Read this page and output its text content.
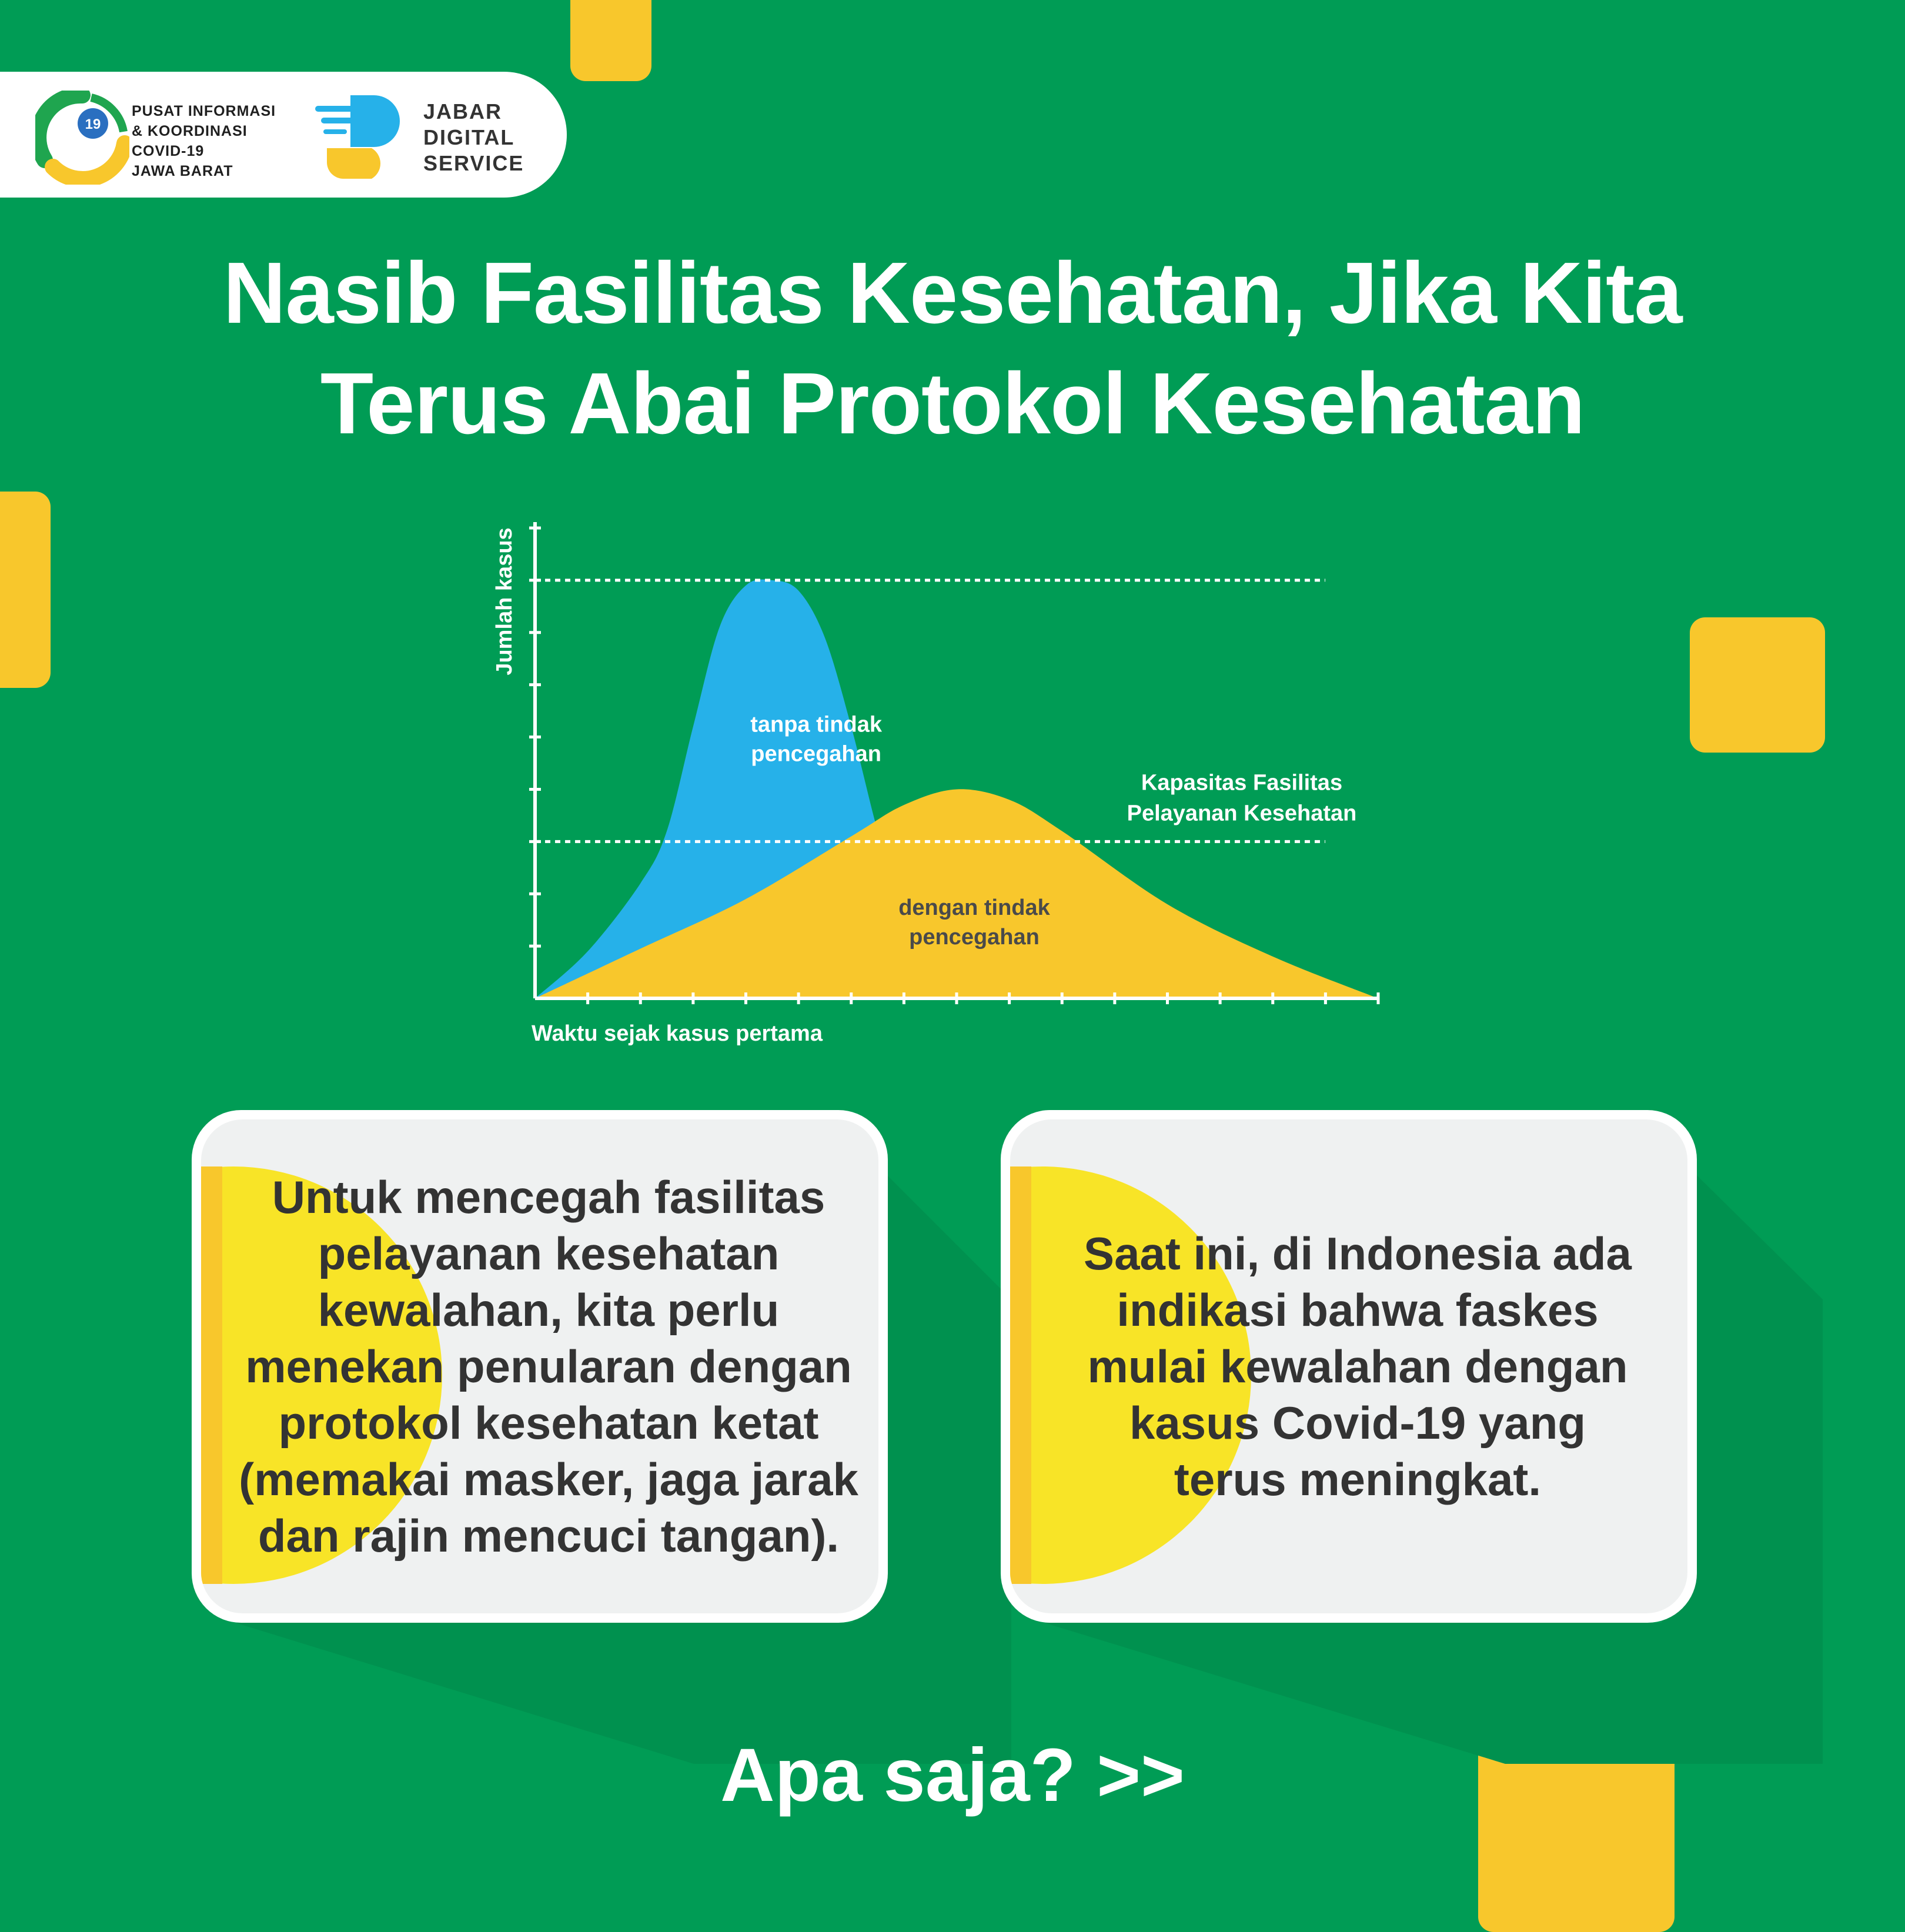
19
PUSAT INFORMASI
& KOORDINASI
COVID-19
JAWA BARAT
JABAR
DIGITAL
SERVICE
Nasib Fasilitas Kesehatan, Jika Kita
Terus Abai Protokol Kesehatan
Kapasitas Fasilitas
Pelayanan Kesehatan
Waktu sejak kasus pertama
Jumlah kasus
tanpa tindak
pencegahan
dengan tindak
pencegahan
Untuk mencegah fasilitas pelayanan kesehatan kewalahan, kita perlu menekan penularan dengan protokol kesehatan ketat (memakai masker, jaga jarak dan rajin mencuci tangan).
Saat ini, di Indonesia ada indikasi bahwa faskes mulai kewalahan dengan kasus Covid-19 yang terus meningkat.
Apa saja? >>
